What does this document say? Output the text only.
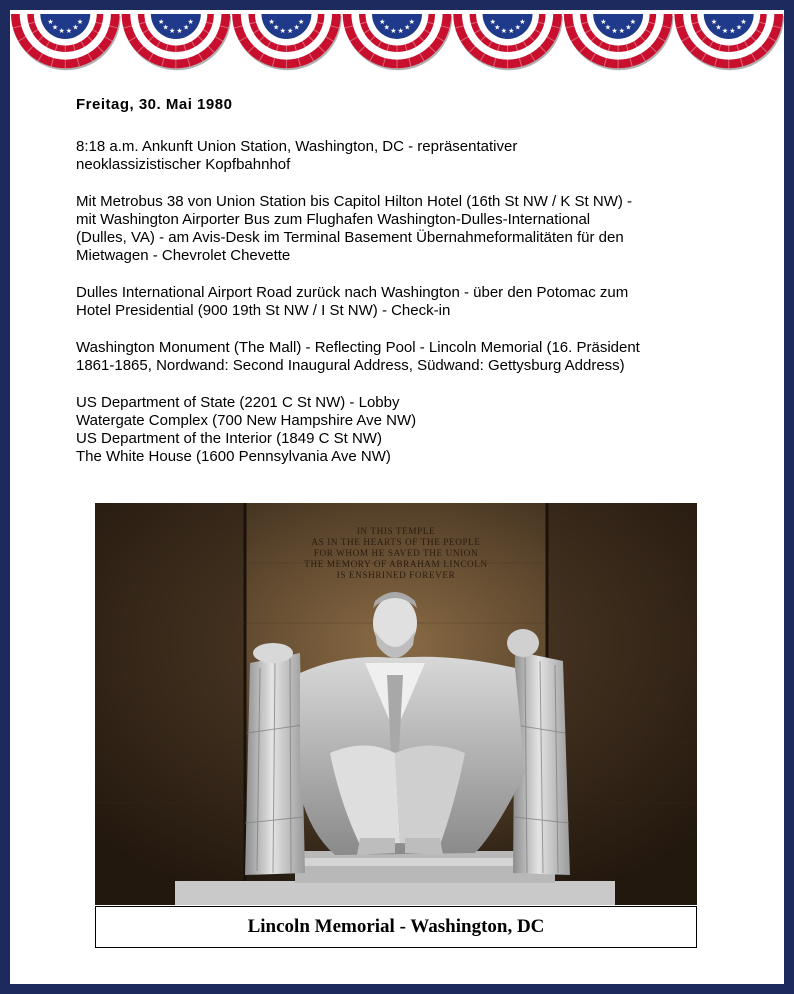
★
★
★
★
★
★	★
★
★
★
★
★	★
★
★
★
★
★	★
★
★
★
★
★	★
★
★
★
★
★	★
★
★
★
★
★	★
★
★
★
★
★
Freitag, 30. Mai 1980
8:18 a.m. Ankunft Union Station, Washington, DC - repräsentativer
neoklassizistischer Kopfbahnhof
Mit Metrobus 38 von Union Station bis Capitol Hilton Hotel (16th St NW / K St NW) -
mit Washington Airporter Bus zum Flughafen Washington-Dulles-International
(Dulles, VA) - am Avis-Desk im Terminal Basement Übernahmeformalitäten für den
Mietwagen - Chevrolet Chevette
Dulles International Airport Road zurück nach Washington - über den Potomac zum
Hotel Presidential (900 19th St NW / I St NW) - Check-in
Washington Monument (The Mall) - Reflecting Pool - Lincoln Memorial (16. Präsident
1861-1865, Nordwand: Second Inaugural Address, Südwand: Gettysburg Address)
US Department of State (2201 C St NW) - Lobby
Watergate Complex (700 New Hampshire Ave NW)
US Department of the Interior (1849 C St NW)
The White House (1600 Pennsylvania Ave NW)
IN THIS TEMPLE
AS IN THE HEARTS OF THE PEOPLE
FOR WHOM HE SAVED THE UNION
THE MEMORY OF ABRAHAM LINCOLN
IS ENSHRINED FOREVER
Lincoln Memorial - Washington, DC
